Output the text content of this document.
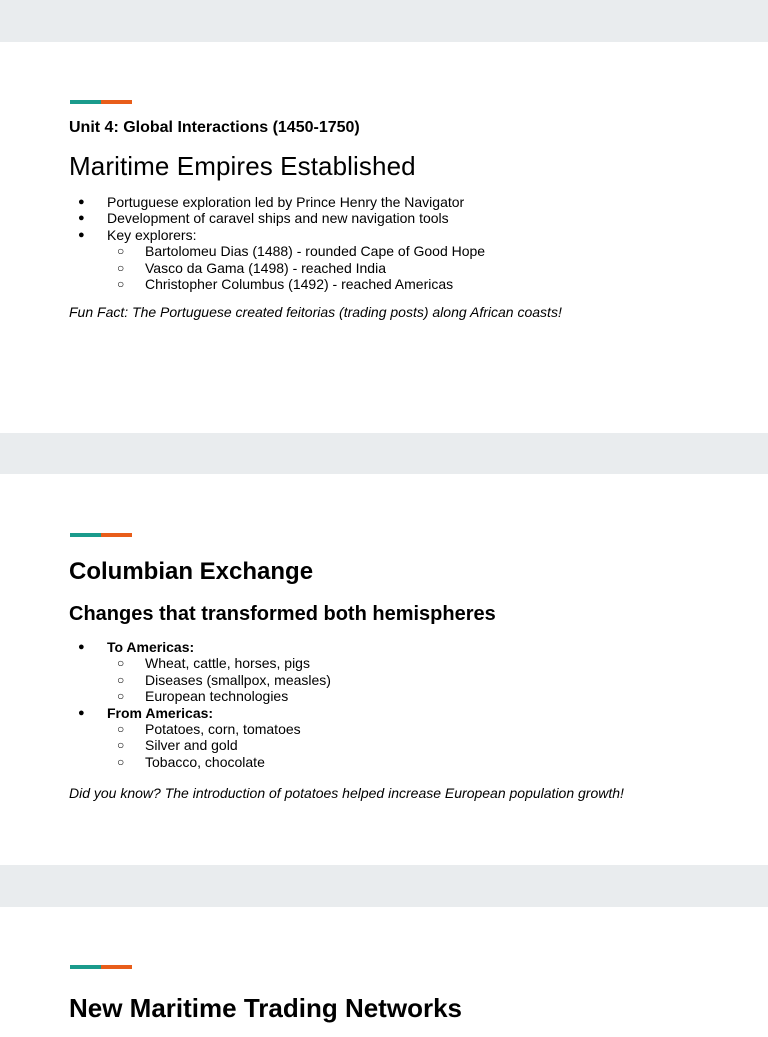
Unit 4: Global Interactions (1450-1750)
Maritime Empires Established
● Portuguese exploration led by Prince Henry the Navigator
● Development of caravel ships and new navigation tools
● Key explorers:
○ Bartolomeu Dias (1488) - rounded Cape of Good Hope
○ Vasco da Gama (1498) - reached India
○ Christopher Columbus (1492) - reached Americas
Fun Fact: The Portuguese created feitorias (trading posts) along African coasts!
Columbian Exchange
Changes that transformed both hemispheres
● To Americas:
○ Wheat, cattle, horses, pigs
○ Diseases (smallpox, measles)
○ European technologies
● From Americas:
○ Potatoes, corn, tomatoes
○ Silver and gold
○ Tobacco, chocolate
Did you know? The introduction of potatoes helped increase European population growth!
New Maritime Trading Networks
